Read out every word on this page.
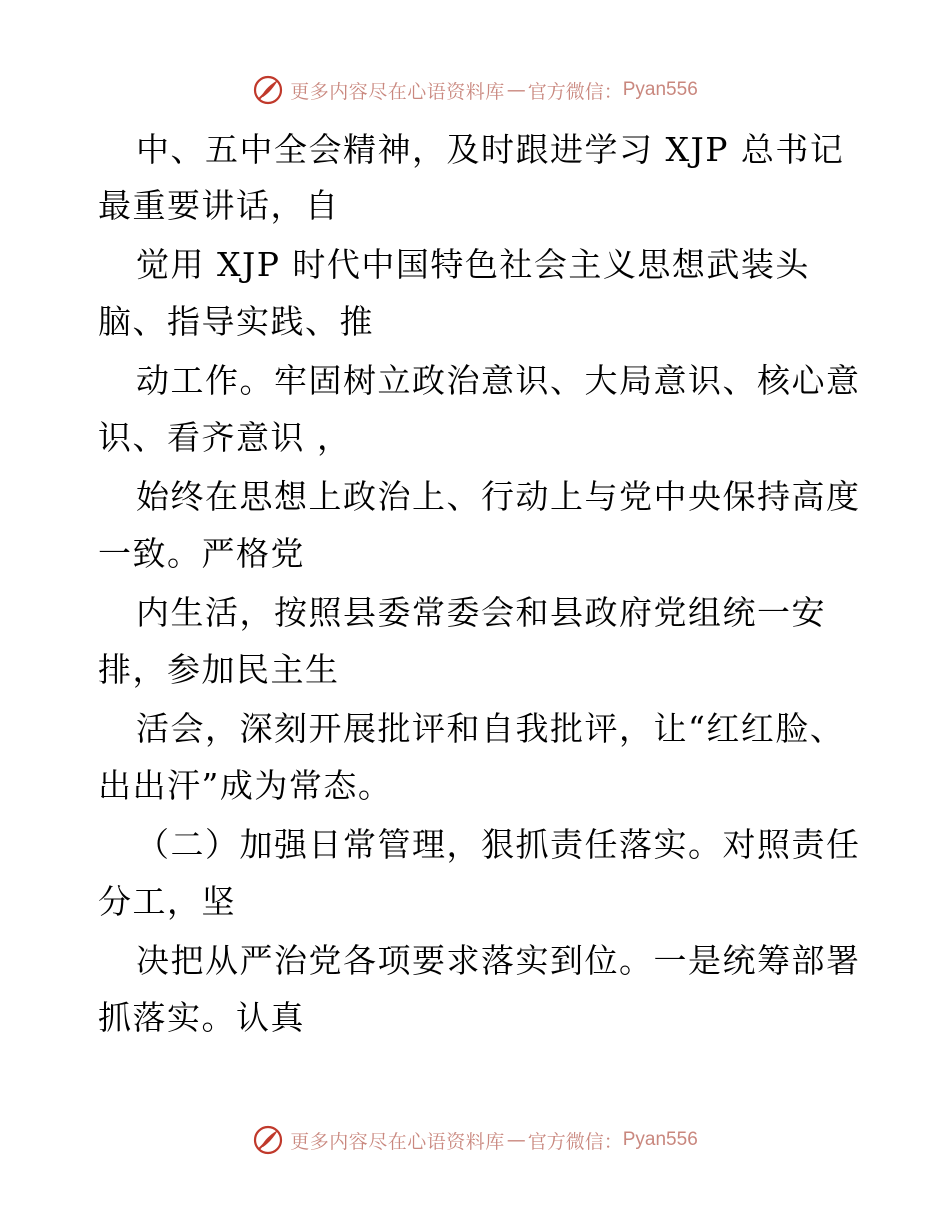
更多内容尽在心语资料库 — 官方微信： Pyan556
中、五中全会精神，及时跟进学习 XJP 总书记
最重要讲话，自
觉用 XJP 时代中国特色社会主义思想武装头
脑、指导实践、推
动工作。牢固树立政治意识、大局意识、核心意
识、看齐意识 ，
始终在思想上政治上、行动上与党中央保持高度
一致。严格党
内生活，按照县委常委会和县政府党组统一安
排，参加民主生
活会，深刻开展批评和自我批评，让“红红脸、
出出汗”成为常态。
（二）加强日常管理，狠抓责任落实。对照责任
分工，坚
决把从严治党各项要求落实到位。一是统筹部署
抓落实。认真
更多内容尽在心语资料库 — 官方微信： Pyan556
